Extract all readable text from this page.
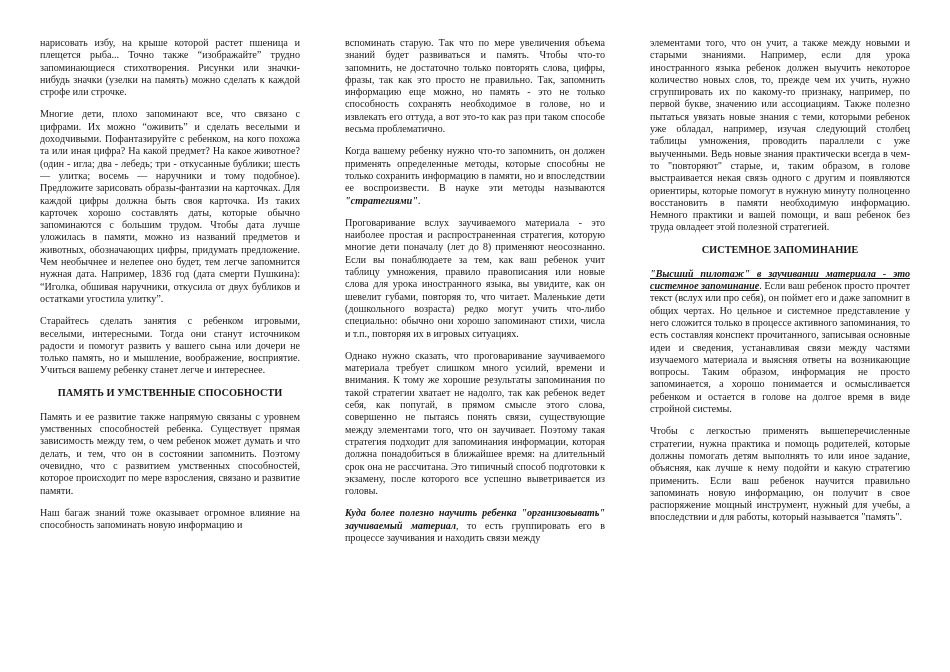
нарисовать избу, на крыше которой растет пшеница и плещется рыба... Точно также “изображайте” трудно запоминающиеся стихотворения. Рисунки или значки-нибудь значки (узелки на память) можно сделать к каждой строфе или строчке.

Многие дети, плохо запоминают все, что связано с цифрами. Их можно “оживить” и сделать веселыми и дохoдчивыми. Пофантазируйте с ребенком, на кого похожа та или иная цифра? На какой предмет? На какое животное? (один - игла; два - лебедь; три - откусанные бублики; шесть — улитка; восемь — наручники и тому подобное). Предложите зарисовать образы-фантазии на карточках. Для каждой цифры должна быть своя карточка. Из таких карточек хорошо составлять даты, которые обычно запоминаются с большим трудом. Чтобы дата лучше уложилась в памяти, можно из названий предметов и животных, обозначающих цифры, придумать предложение. Чем необычнее и нелепее оно будет, тем легче запомнится нужная дата. Например, 1836 год (дата смерти Пушкина): “Иголка, обшивая наручники, откусила от двух бубликов и остатками угостила улитку”.

Старайтесь сделать занятия с ребенком игровыми, веселыми, интересными. Тогда они станут источником радости и помогут развить у вашего сына или дочери не только память, но и мышление, воображение, восприятие. Учиться вашему ребенку станет легче и интереснее.

ПАМЯТЬ И УМСТВЕННЫЕ СПОСОБНОСТИ

Память и ее развитие также напрямую связаны с уровнем умственных способностей ребенка. Существует прямая зависимость между тем, о чем ребенок может думать и что делать, и тем, что он в состоянии запомнить. Поэтому очевидно, что с развитием умственных способностей, которое происходит по мере взросления, связано и развитие памяти.

Наш багаж знаний тоже оказывает огромное влияние на способность запоминать новую информацию и

вспоминать старую. Так что по мере увеличения объема знаний будет развиваться и память. Чтобы что-то запомнить, не достаточно только повторять слова, цифры, фразы, так как это просто не правильно. Так, запомнить информацию еще можно, но память - это не только способность сохранять необходимое в голове, но и извлекать его оттуда, а вот это-то как раз при таком способе весьма проблематично.

Когда вашему ребенку нужно что-то запомнить, он должен применять определенные методы, которые способны не только сохранить информацию в памяти, но и впоследствии ее воспроизвести. В науке эти методы называются "стратегиями".

Проговаривание вслух заучиваемого материала - это наиболее простая и распространенная стратегия, которую многие дети поначалу (лет до 8) применяют неосознанно. Если вы понаблюдаете за тем, как ваш ребенок учит таблицу умножения, правило правописания или новые слова для урока иностранного языка, вы увидите, как он шевелит губами, повторяя то, что читает. Маленькие дети (дошкольного возраста) редко могут учить что-либо специально: обычно они хорошо запоминают стихи, числа и т.п., повторяя их в игровых ситуациях.

Однако нужно сказать, что проговаривание заучиваемого материала требует слишком много усилий, времени и внимания. К тому же хорошие результаты запоминания по такой стратегии хватает не надолго, так как ребенок ведет себя, как попугай, в прямом смысле этого слова, совершенно не пытаясь понять связи, существующие между элементами того, что он заучивает. Поэтому такая стратегия подходит для запоминания информации, которая должна понадобиться в ближайшее время: на длительный срок она не рассчитана. Это типичный способ подготовки к экзамену, после которого все успешно выветривается из головы.

Куда более полезно научить ребенка "организовывать" заучиваемый материал, то есть группировать его в процессе заучивания и находить связи между

элементами того, что он учит, а также между новыми и старыми знаниями. Например, если для урока иностранного языка ребенок должен выучить некоторое количество новых слов, то, прежде чем их учить, нужно сгруппировать их по какому-то признаку, например, по первой букве, значению или ассоциациям. Также полезно пытаться увязать новые знания с теми, которыми ребенок уже обладал, например, изучая следующий столбец таблицы умножения, проводить параллели с уже выученными. Ведь новые знания практически всегда в чем-то "повторяют" старые, и, таким образом, в голове выстраивается некая связь одного с другим и появляются ориентиры, которые помогут в нужную минуту полноценно восстановить в памяти необходимую информацию. Немного практики и вашей помощи, и ваш ребенок без труда овладеет этой полезной стратегией.

СИСТЕМНОЕ ЗАПОМИНАНИЕ

"Высший пилотаж" в заучивании материала - это системное запоминание. Если ваш ребенок просто прочтет текст (вслух или про себя), он поймет его и даже запомнит в общих чертах. Но цельное и системное представление у него сложится только в процессе активного запоминания, то есть составляя конспект прочитанного, записывая основные идеи и сведения, устанавливая связи между частями изучаемого материала и выясняя ответы на возникающие вопросы. Таким образом, информация не просто запоминается, а хорошо понимается и осмысливается ребенком и остается в голове на долгое время в виде стройной системы.

Чтобы с легкостью применять вышеперечисленные стратегии, нужна практика и помощь родителей, которые должны помогать детям выполнять то или иное задание, объясняя, как лучше к нему подойти и какую стратегию применить. Если ваш ребенок научится правильно запоминать новую информацию, он получит в свое распоряжение мощный инструмент, нужный для учебы, а впоследствии и для работы, который называется "память".
